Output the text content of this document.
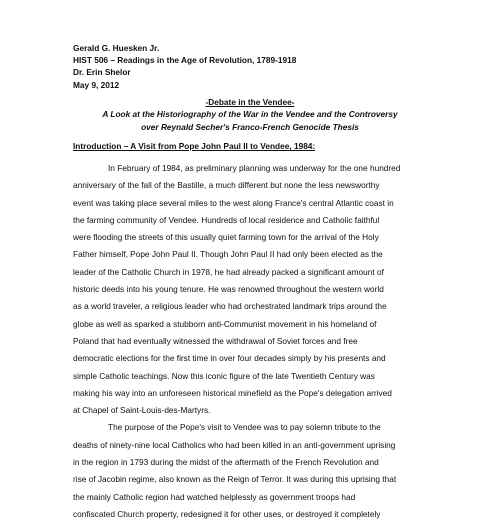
Gerald G. Huesken Jr.
HIST 506 – Readings in the Age of Revolution, 1789-1918
Dr. Erin Shelor
May 9, 2012
-Debate in the Vendee-
A Look at the Historiography of the War in the Vendee and the Controversy
over Reynald Secher's Franco-French Genocide Thesis
Introduction – A Visit from Pope John Paul II to Vendee, 1984:
In February of 1984, as preliminary planning was underway for the one hundred
anniversary of the fall of the Bastille, a much different but none the less newsworthy
event was taking place several miles to the west along France's central Atlantic coast in
the farming community of Vendee. Hundreds of local residence and Catholic faithful
were flooding the streets of this usually quiet farming town for the arrival of the Holy
Father himself, Pope John Paul II. Though John Paul II had only been elected as the
leader of the Catholic Church in 1978, he had already packed a significant amount of
historic deeds into his young tenure. He was renowned throughout the western world
as a world traveler, a religious leader who had orchestrated landmark trips around the
globe as well as sparked a stubborn anti-Communist movement in his homeland of
Poland that had eventually witnessed the withdrawal of Soviet forces and free
democratic elections for the first time in over four decades simply by his presents and
simple Catholic teachings. Now this iconic figure of the late Twentieth Century was
making his way into an unforeseen historical minefield as the Pope's delegation arrived
at Chapel of Saint-Louis-des-Martyrs.
The purpose of the Pope's visit to Vendee was to pay solemn tribute to the
deaths of ninety-nine local Catholics who had been killed in an anti-government uprising
in the region in 1793 during the midst of the aftermath of the French Revolution and
rise of Jacobin regime, also known as the Reign of Terror. It was during this uprising that
the mainly Catholic region had watched helplessly as government troops had
confiscated Church property, redesigned it for other uses, or destroyed it completely
